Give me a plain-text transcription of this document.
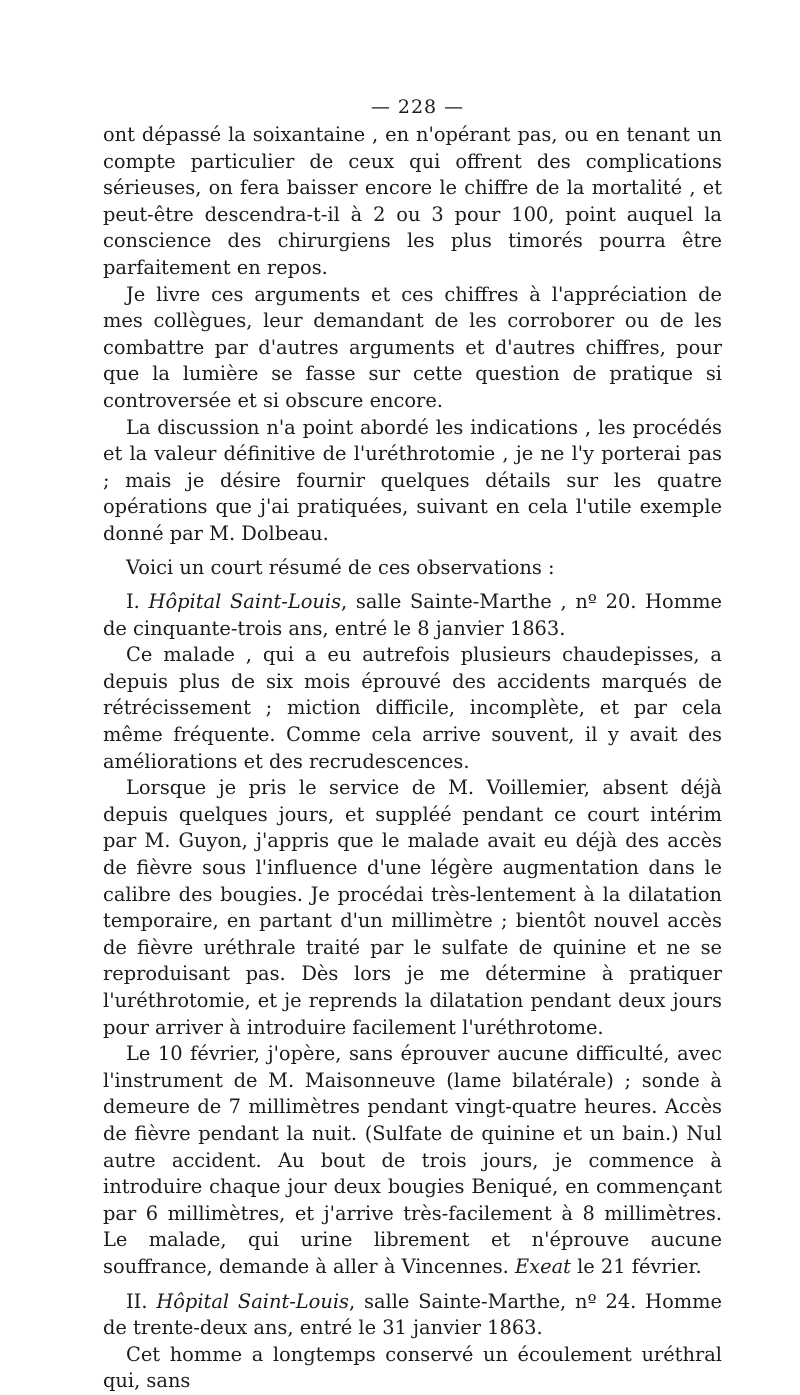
— 228 —

ont dépassé la soixantaine , en n'opérant pas, ou en tenant un compte particulier de ceux qui offrent des complications sérieuses, on fera baisser encore le chiffre de la mortalité , et peut-être descendra-t-il à 2 ou 3 pour 100, point auquel la conscience des chirurgiens les plus timorés pourra être parfaitement en repos.

Je livre ces arguments et ces chiffres à l'appréciation de mes collègues, leur demandant de les corroborer ou de les combattre par d'autres arguments et d'autres chiffres, pour que la lumière se fasse sur cette question de pratique si controversée et si obscure encore.

La discussion n'a point abordé les indications , les procédés et la valeur définitive de l'uréthrotomie , je ne l'y porterai pas ; mais je désire fournir quelques détails sur les quatre opérations que j'ai pratiquées, suivant en cela l'utile exemple donné par M. Dolbeau.

Voici un court résumé de ces observations :

I. Hôpital Saint-Louis, salle Sainte-Marthe , nº 20. Homme de cinquante-trois ans, entré le 8 janvier 1863.

Ce malade , qui a eu autrefois plusieurs chaudepisses, a depuis plus de six mois éprouvé des accidents marqués de rétrécissement ; miction difficile, incomplète, et par cela même fréquente. Comme cela arrive souvent, il y avait des améliorations et des recrudescences.

Lorsque je pris le service de M. Voillemier, absent déjà depuis quelques jours, et suppléé pendant ce court intérim par M. Guyon, j'appris que le malade avait eu déjà des accès de fièvre sous l'influence d'une légère augmentation dans le calibre des bougies. Je procédai très-lentement à la dilatation temporaire, en partant d'un millimètre ; bientôt nouvel accès de fièvre uréthrale traité par le sulfate de quinine et ne se reproduisant pas. Dès lors je me détermine à pratiquer l'uréthrotomie, et je reprends la dilatation pendant deux jours pour arriver à introduire facilement l'uréthrotome.

Le 10 février, j'opère, sans éprouver aucune difficulté, avec l'instrument de M. Maisonneuve (lame bilatérale) ; sonde à demeure de 7 millimètres pendant vingt-quatre heures. Accès de fièvre pendant la nuit. (Sulfate de quinine et un bain.) Nul autre accident. Au bout de trois jours, je commence à introduire chaque jour deux bougies Beniqué, en commençant par 6 millimètres, et j'arrive très-facilement à 8 millimètres. Le malade, qui urine librement et n'éprouve aucune souffrance, demande à aller à Vincennes. Exeat le 21 février.

II. Hôpital Saint-Louis, salle Sainte-Marthe, nº 24. Homme de trente-deux ans, entré le 31 janvier 1863.

Cet homme a longtemps conservé un écoulement uréthral qui, sans
